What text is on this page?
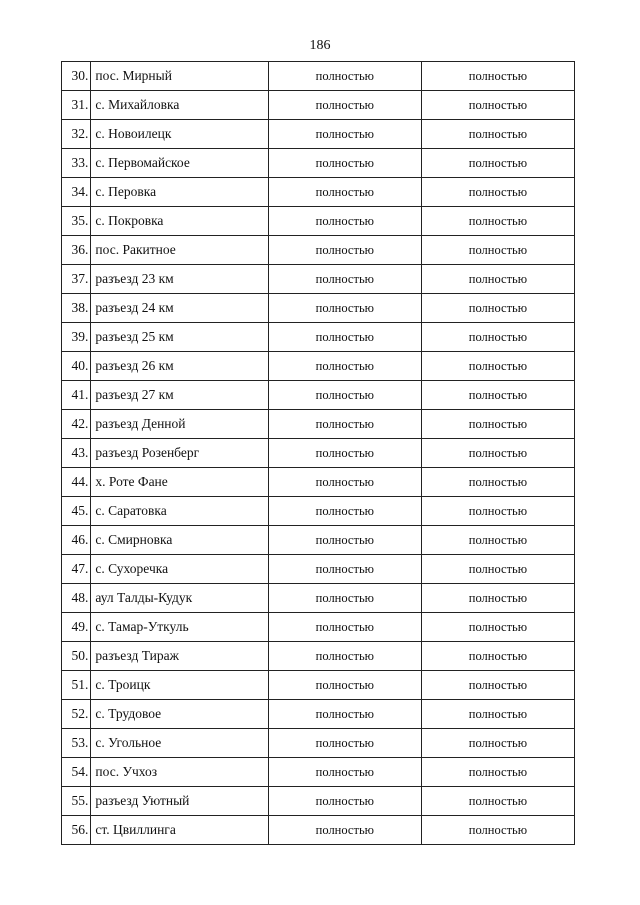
186
30.	пос. Мирный	полностью	полностью
31.	с. Михайловка	полностью	полностью
32.	с. Новоилецк	полностью	полностью
33.	с. Первомайское	полностью	полностью
34.	с. Перовка	полностью	полностью
35.	с. Покровка	полностью	полностью
36.	пос. Ракитное	полностью	полностью
37.	разъезд 23 км	полностью	полностью
38.	разъезд 24 км	полностью	полностью
39.	разъезд 25 км	полностью	полностью
40.	разъезд 26 км	полностью	полностью
41.	разъезд 27 км	полностью	полностью
42.	разъезд Денной	полностью	полностью
43.	разъезд Розенберг	полностью	полностью
44.	х. Роте Фане	полностью	полностью
45.	с. Саратовка	полностью	полностью
46.	с. Смирновка	полностью	полностью
47.	с. Сухоречка	полностью	полностью
48.	аул Талды-Кудук	полностью	полностью
49.	с. Тамар-Уткуль	полностью	полностью
50.	разъезд Тираж	полностью	полностью
51.	с. Троицк	полностью	полностью
52.	с. Трудовое	полностью	полностью
53.	с. Угольное	полностью	полностью
54.	пос. Учхоз	полностью	полностью
55.	разъезд Уютный	полностью	полностью
56.	ст. Цвиллинга	полностью	полностью
